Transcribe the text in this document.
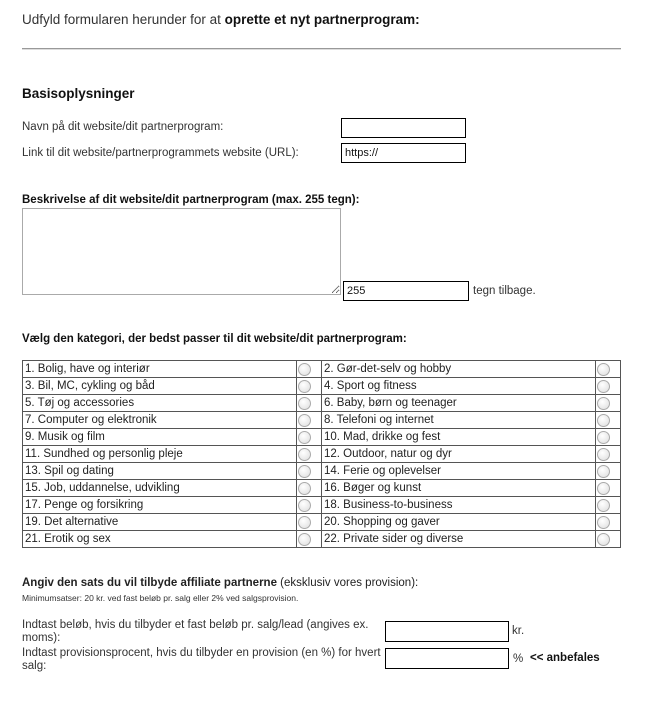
Udfyld formularen herunder for at oprette et nyt partnerprogram:
Basisoplysninger
Navn på dit website/dit partnerprogram:
Link til dit website/partnerprogrammets website (URL):
https://
Beskrivelse af dit website/dit partnerprogram (max. 255 tegn):
255
tegn tilbage.
Vælg den kategori, der bedst passer til dit website/dit partnerprogram:
1. Bolig, have og interiør		2. Gør-det-selv og hobby	
3. Bil, MC, cykling og båd		4. Sport og fitness	
5. Tøj og accessories		6. Baby, børn og teenager	
7. Computer og elektronik		8. Telefoni og internet	
9. Musik og film		10. Mad, drikke og fest	
11. Sundhed og personlig pleje		12. Outdoor, natur og dyr	
13. Spil og dating		14. Ferie og oplevelser	
15. Job, uddannelse, udvikling		16. Bøger og kunst	
17. Penge og forsikring		18. Business-to-business	
19. Det alternative		20. Shopping og gaver	
21. Erotik og sex		22. Private sider og diverse	
Angiv den sats du vil tilbyde affiliate partnerne (eksklusiv vores provision):
Minimumsatser: 20 kr. ved fast beløb pr. salg eller 2% ved salgsprovision.
Indtast beløb, hvis du tilbyder et fast beløb pr. salg/lead (angives ex. moms):
kr.
Indtast provisionsprocent, hvis du tilbyder en provision (en %) for hvert salg:
% << anbefales
